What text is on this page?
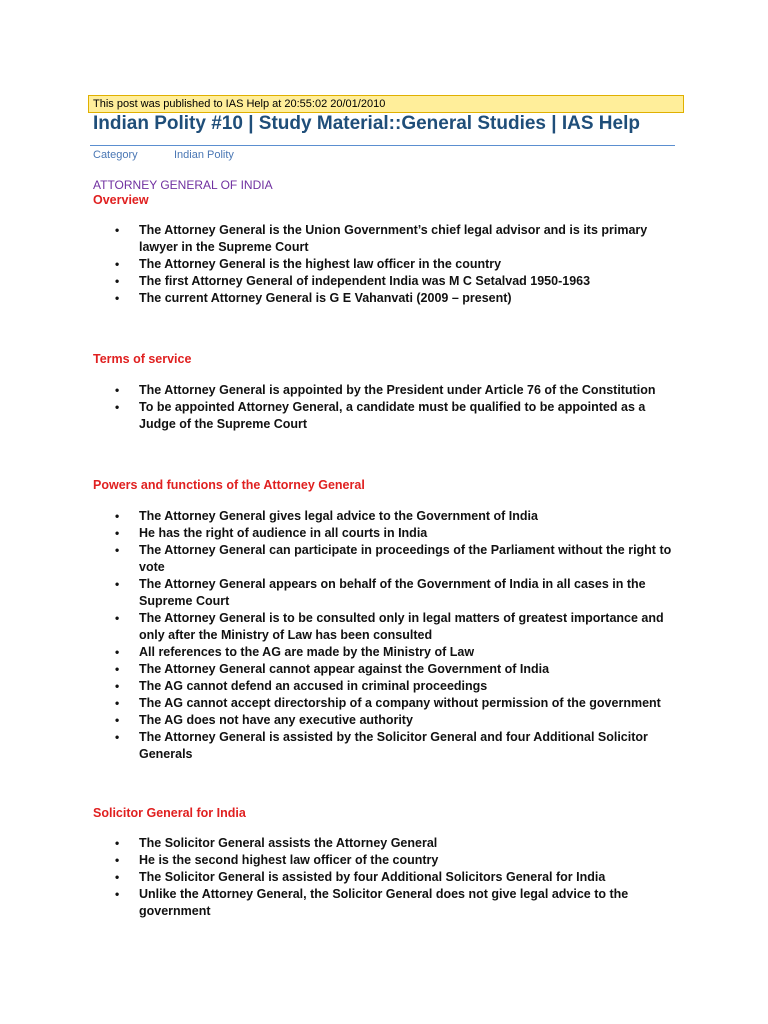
This post was published to IAS Help at 20:55:02 20/01/2010
Indian Polity #10 | Study Material::General Studies | IAS Help
Category	Indian Polity
ATTORNEY GENERAL OF INDIA
Overview
• The Attorney General is the Union Government’s chief legal advisor and is its primary lawyer in the Supreme Court
• The Attorney General is the highest law officer in the country
• The first Attorney General of independent India was M C Setalvad 1950-1963
• The current Attorney General is G E Vahanvati (2009 – present)
Terms of service
• The Attorney General is appointed by the President under Article 76 of the Constitution
• To be appointed Attorney General, a candidate must be qualified to be appointed as a Judge of the Supreme Court
Powers and functions of the Attorney General
• The Attorney General gives legal advice to the Government of India
• He has the right of audience in all courts in India
• The Attorney General can participate in proceedings of the Parliament without the right to vote
• The Attorney General appears on behalf of the Government of India in all cases in the Supreme Court
• The Attorney General is to be consulted only in legal matters of greatest importance and only after the Ministry of Law has been consulted
• All references to the AG are made by the Ministry of Law
• The Attorney General cannot appear against the Government of India
• The AG cannot defend an accused in criminal proceedings
• The AG cannot accept directorship of a company without permission of the government
• The AG does not have any executive authority
• The Attorney General is assisted by the Solicitor General and four Additional Solicitor Generals
Solicitor General for India
• The Solicitor General assists the Attorney General
• He is the second highest law officer of the country
• The Solicitor General is assisted by four Additional Solicitors General for India
• Unlike the Attorney General, the Solicitor General does not give legal advice to the government
